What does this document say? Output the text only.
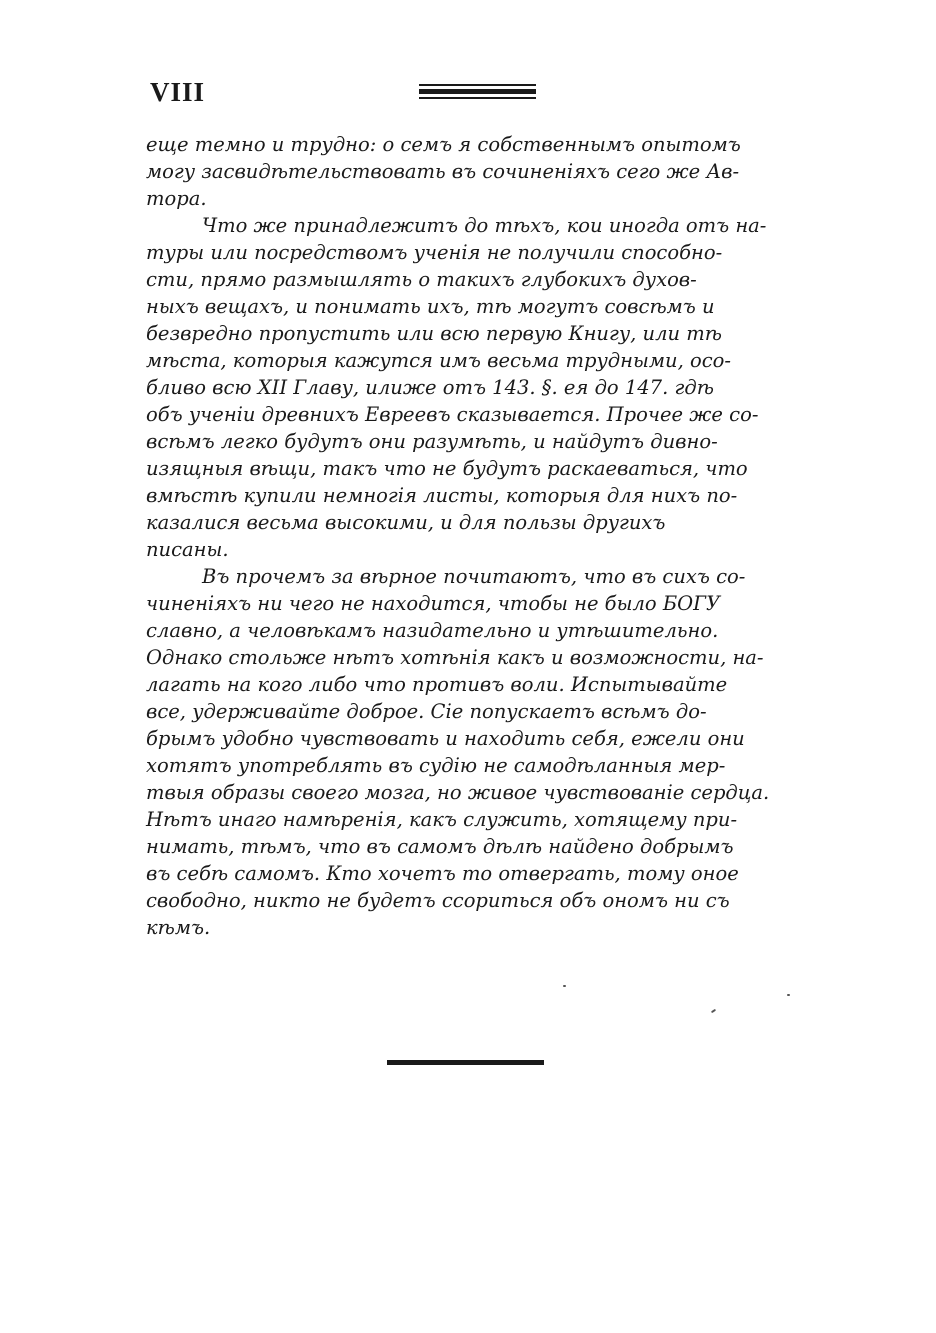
VIII

еще темно и трудно: о семъ я собственнымъ опытомъ
могу засвидѣтельствовать въ сочиненiяхъ сего же Ав-
тора.

Что же принадлежитъ до тѣхъ, кои иногда отъ на-
туры или посредствомъ ученiя не получили способно-
сти, прямо размышлять о такихъ глубокихъ духов-
ныхъ вещахъ, и понимать ихъ, тѣ могутъ совсѣмъ и
безвредно пропустить или всю первую Книгу, или тѣ
мѣста, которыя кажутся имъ весьма трудными, осо-
бливо всю XII Главу, илиже отъ 143. §. ея до 147. гдѣ
объ ученiи древнихъ Евреевъ сказывается. Прочее же со-
всѣмъ легко будутъ они разумѣть, и найдутъ дивно-
изящныя вѣщи, такъ что не будутъ раскаеваться, что
вмѣстѣ купили немногiя листы, которыя для нихъ по-
казалися весьма высокими, и для пользы другихъ
писаны.

Въ прочемъ за вѣрное почитаютъ, что въ сихъ со-
чиненiяхъ ни чего не находится, чтобы не было БОГУ
славно, а человѣкамъ назидательно и утѣшительно.
Однако стольже нѣтъ хотѣнiя какъ и возможности, на-
лагать на кого либо что противъ воли. Испытывайте
все, удерживайте доброе. Сiе попускаетъ всѣмъ до-
брымъ удобно чувствовать и находить себя, ежели они
хотятъ употреблять въ судiю не самодѣланныя мер-
твыя образы своего мозга, но живое чувствованiе сердца.
Нѣтъ инаго намѣренiя, какъ служить, хотящему при-
нимать, тѣмъ, что въ самомъ дѣлѣ найдено добрымъ
въ себѣ самомъ. Кто хочетъ то отвергать, тому оное
свободно, никто не будетъ ссориться объ ономъ ни съ
кѣмъ.
